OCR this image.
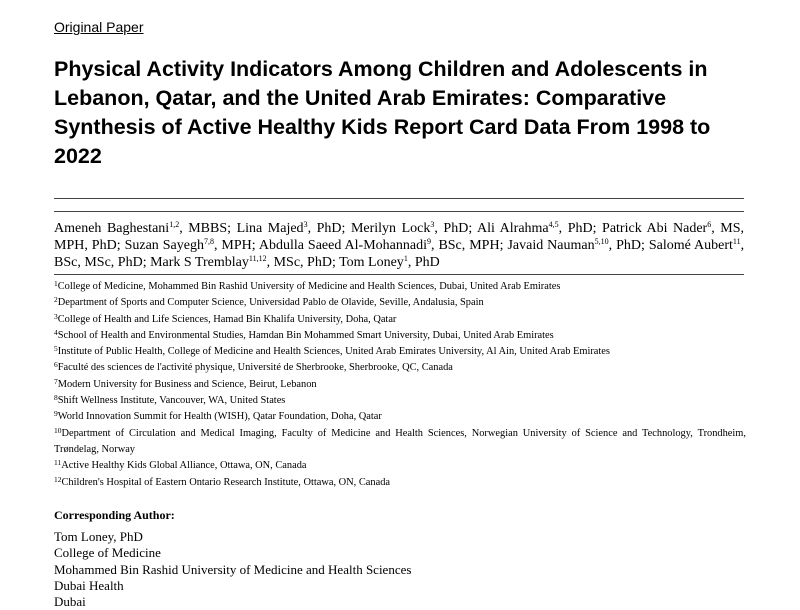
Original Paper

Physical Activity Indicators Among Children and Adolescents in Lebanon, Qatar, and the United Arab Emirates: Comparative Synthesis of Active Healthy Kids Report Card Data From 1998 to 2022

Ameneh Baghestani$^{1,2}$, MBBS; Lina Majed$^3$, PhD; Merilyn Lock$^3$, PhD; Ali Alrahma$^{4,5}$, PhD; Patrick Abi Nader$^6$, MS, MPH, PhD; Suzan Sayegh$^{7,8}$, MPH; Abdulla Saeed Al-Mohannadi$^9$, BSc, MPH; Javaid Nauman$^{5,10}$, PhD; Salomé Aubert$^{11}$, BSc, MSc, PhD; Mark S Tremblay$^{11,12}$, MSc, PhD; Tom Loney$^1$, PhD

$^1$College of Medicine, Mohammed Bin Rashid University of Medicine and Health Sciences, Dubai, United Arab Emirates
$^2$Department of Sports and Computer Science, Universidad Pablo de Olavide, Seville, Andalusia, Spain
$^3$College of Health and Life Sciences, Hamad Bin Khalifa University, Doha, Qatar
$^4$School of Health and Environmental Studies, Hamdan Bin Mohammed Smart University, Dubai, United Arab Emirates
$^5$Institute of Public Health, College of Medicine and Health Sciences, United Arab Emirates University, Al Ain, United Arab Emirates
$^6$Faculté des sciences de l'activité physique, Université de Sherbrooke, Sherbrooke, QC, Canada
$^7$Modern University for Business and Science, Beirut, Lebanon
$^8$Shift Wellness Institute, Vancouver, WA, United States
$^9$World Innovation Summit for Health (WISH), Qatar Foundation, Doha, Qatar
$^{10}$Department of Circulation and Medical Imaging, Faculty of Medicine and Health Sciences, Norwegian University of Science and Technology, Trondheim, Trøndelag, Norway
$^{11}$Active Healthy Kids Global Alliance, Ottawa, ON, Canada
$^{12}$Children's Hospital of Eastern Ontario Research Institute, Ottawa, ON, Canada

Corresponding Author:

Tom Loney, PhD
College of Medicine
Mohammed Bin Rashid University of Medicine and Health Sciences
Dubai Health
Dubai
